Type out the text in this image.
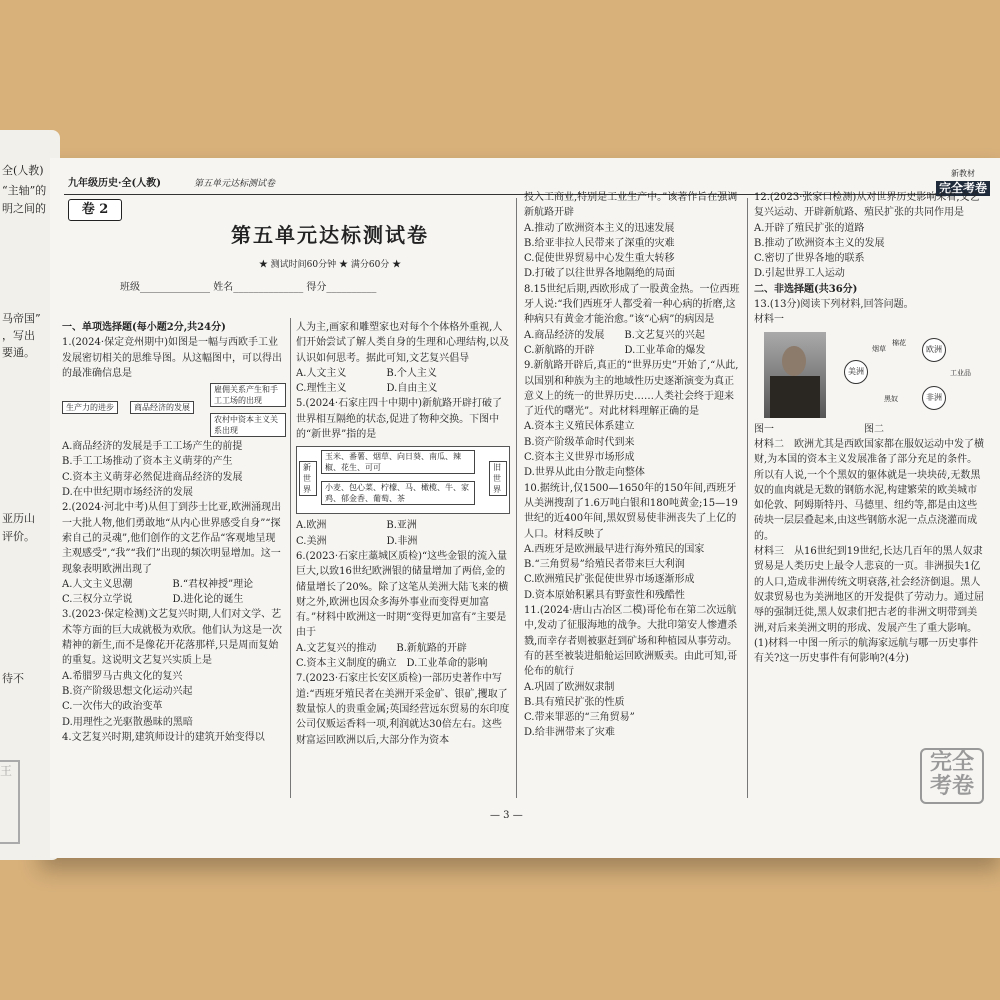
全(人教)
“主轴”的
明之间的
马帝国”
，写出
要通。
亚历山
评价。
待不
九年级历史·全(人教)	第五单元达标测试卷
新教材
完全考卷
卷 2
第五单元达标测试卷
★ 测试时间60分钟 ★ 满分60分 ★
班级______________ 姓名______________ 得分__________

一、单项选择题(每小题2分,共24分)

1.(2024·保定竞州期中)如图是一幅与西欧手工业发展密切相关的思维导图。从这幅图中，可以得出的最准确信息是

生产力的进步	商品经济的发展
雇佣关系产生和手工工场的出现
农村中资本主义关系出现

A.商品经济的发展是手工工场产生的前提

B.手工工场推动了资本主义萌芽的产生

C.资本主义萌芽必然促进商品经济的发展

D.在中世纪期市场经济的发展

2.(2024·河北中考)从但丁到莎士比亚,欧洲涌现出一大批人物,他们勇敢地“从内心世界感受自身”“探索自己的灵魂”,他们创作的文艺作品“客观地呈现主观感受”,“我”“我们”出现的频次明显增加。这一现象表明欧洲出现了

A.人文主义思潮　　　　B.“君权神授”理论

C.三权分立学说　　　　D.进化论的诞生

3.(2023·保定检测)文艺复兴时期,人们对文学、艺术等方面的巨大成就极为欢欣。他们认为这是一次精神的新生,而不是像花开花落那样,只是周而复始的重复。这说明文艺复兴实质上是

A.希腊罗马古典文化的复兴

B.资产阶级思想文化运动兴起

C.一次伟大的政治变革

D.用理性之光驱散愚昧的黑暗

4.文艺复兴时期,建筑师设计的建筑开始变得以

人为主,画家和雕塑家也对每个个体格外重视,人们开始尝试了解人类自身的生理和心理结构,以及认识如何思考。据此可知,文艺复兴倡导

A.人文主义　　　　B.个人主义

C.理性主义　　　　D.自由主义

5.(2024·石家庄四十中期中)新航路开辟打破了世界相互隔绝的状态,促进了物种交换。下图中的“新世界”指的是

新世界
旧世界
玉米、番薯、烟草、向日葵、南瓜、辣椒、花生、可可
小麦、包心菜、柠檬、马、橄榄、牛、家鸡、郁金香、葡萄、茶

A.欧洲　　　　　　B.亚洲

C.美洲　　　　　　D.非洲

6.(2023·石家庄藁城区质检)“这些金银的流入量巨大,以致16世纪欧洲银的储量增加了两倍,金的储量增长了20%。除了这笔从美洲大陆飞来的横财之外,欧洲也因众多海外事业而变得更加富有。”材料中欧洲这一时期“变得更加富有”主要是由于

A.文艺复兴的推动　　B.新航路的开辟

C.资本主义制度的确立　D.工业革命的影响

7.(2023·石家庄长安区质检)一部历史著作中写道:“西班牙殖民者在美洲开采金矿、银矿,攫取了数量惊人的贵重金属;英国经营远东贸易的东印度公司仅贩运香料一项,利润就达30倍左右。这些财富运回欧洲以后,大部分作为资本

投入工商业,特别是工业生产中。”该著作旨在强调新航路开辟

A.推动了欧洲资本主义的迅速发展

B.给亚非拉人民带来了深重的灾难

C.促使世界贸易中心发生重大转移

D.打破了以往世界各地隔绝的局面

8.15世纪后期,西欧形成了一股黄金热。一位西班牙人说:“我们西班牙人都受着一种心病的折磨,这种病只有黄金才能治愈。”该“心病”的病因是

A.商品经济的发展　　B.文艺复兴的兴起

C.新航路的开辟　　　D.工业革命的爆发

9.新航路开辟后,真正的“世界历史”开始了,“从此,以国别和种族为主的地域性历史逐渐演变为真正意义上的统一的世界历史……人类社会终于迎来了近代的曙光”。对此材料理解正确的是

A.资本主义殖民体系建立

B.资产阶级革命时代到来

C.资本主义世界市场形成

D.世界从此由分散走向整体

10.据统计,仅1500—1650年的150年间,西班牙从美洲搜刮了1.6万吨白银和180吨黄金;15—19世纪的近400年间,黑奴贸易使非洲丧失了上亿的人口。材料反映了

A.西班牙是欧洲最早进行海外殖民的国家

B.“三角贸易”给殖民者带来巨大利润

C.欧洲殖民扩张促使世界市场逐渐形成

D.资本原始积累具有野蛮性和残酷性

11.(2024·唐山古冶区二模)哥伦布在第二次远航中,发动了征服海地的战争。大批印第安人惨遭杀戮,而幸存者则被驱赶到矿场和种植园从事劳动。有的甚至被装进船舱运回欧洲贩卖。由此可知,哥伦布的航行

A.巩固了欧洲奴隶制

B.具有殖民扩张的性质

C.带来罪恶的“三角贸易”

D.给非洲带来了灾难

12.(2023·张家口检测)从对世界历史影响来看,文艺复兴运动、开辟新航路、殖民扩张的共同作用是

A.开辟了殖民扩张的道路

B.推动了欧洲资本主义的发展

C.密切了世界各地的联系

D.引起世界工人运动

二、非选择题(共36分)

13.(13分)阅读下列材料,回答问题。

材料一

美洲
欧洲
非洲
烟草
棉花
工业品
黑奴

图一　　　　　　　　　图二

材料二　欧洲尤其是西欧国家都在服奴运动中发了横财,为本国的资本主义发展准备了部分充足的条件。所以有人说,一个个黑奴的躯体就是一块块砖,无数黑奴的血肉就是无数的钢筋水泥,构建繁荣的欧美城市如伦敦、阿姆斯特丹、马德里、纽约等,都是由这些砖块一层层叠起来,由这些钢筋水泥一点点浇灌而成的。

材料三　从16世纪到19世纪,长达几百年的黑人奴隶贸易是人类历史上最令人悲哀的一页。非洲损失1亿的人口,造成非洲传统文明衰落,社会经济倒退。黑人奴隶贸易也为美洲地区的开发提供了劳动力。通过屈辱的强制迁徙,黑人奴隶们把古老的非洲文明带到美洲,对后来美洲文明的形成、发展产生了重大影响。

(1)材料一中图一所示的航海家远航与哪一历史事件有关?这一历史事件有何影响?(4分)

— 3 —
完全
考卷
王
